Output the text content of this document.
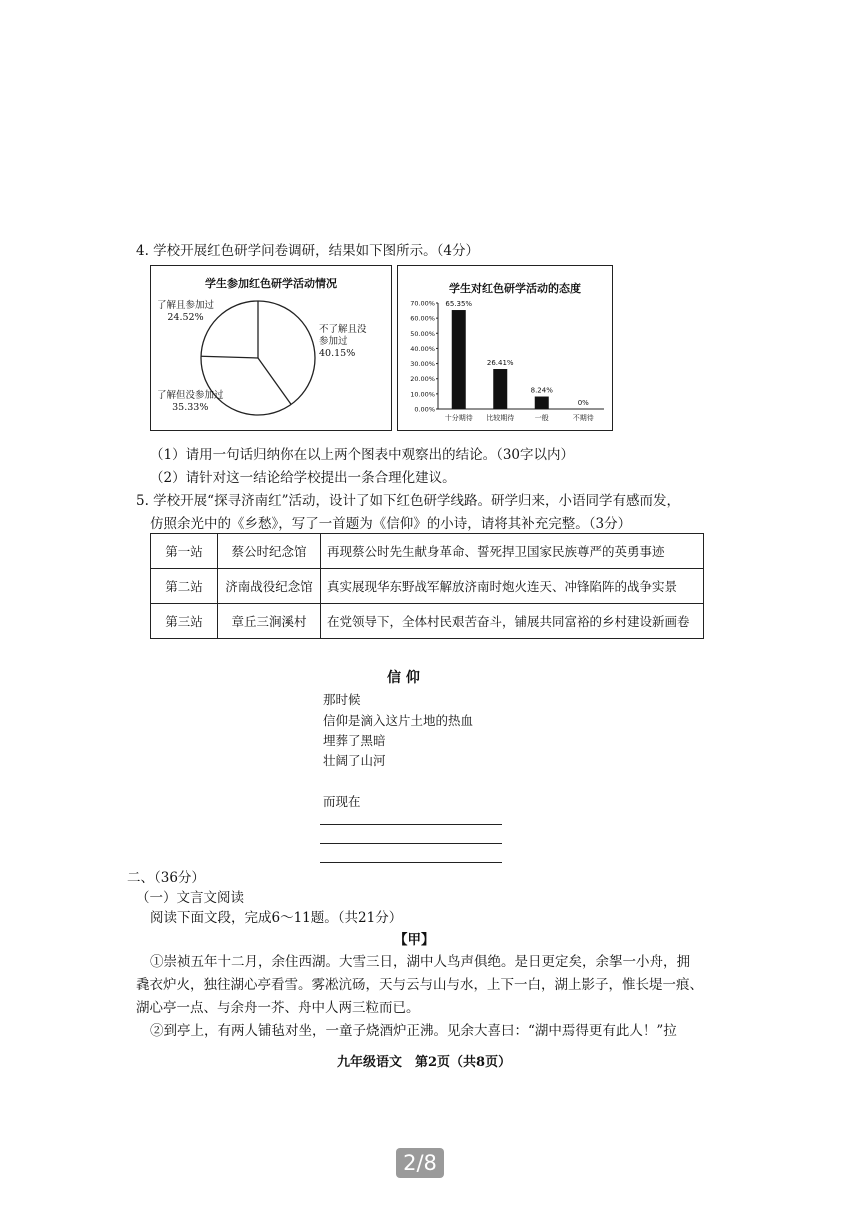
4. 学校开展红色研学问卷调研，结果如下图所示。（4分）
学生参加红色研学活动情况
不了解且没
参加过
40.15%
了解但没参加过
35.33%
了解且参加过
24.52%
学生对红色研学活动的态度
0.00%
10.00%
20.00%
30.00%
40.00%
50.00%
60.00%
70.00% 65.35%
十分期待
26.41%
比较期待
8.24%
一般
0%
不期待
（1）请用一句话归纳你在以上两个图表中观察出的结论。（30字以内）
（2）请针对这一结论给学校提出一条合理化建议。
5. 学校开展“探寻济南红”活动，设计了如下红色研学线路。研学归来，小语同学有感而发，
仿照余光中的《乡愁》，写了一首题为《信仰》的小诗，请将其补充完整。（3分）
第一站	蔡公时纪念馆	再现蔡公时先生献身革命、誓死捍卫国家民族尊严的英勇事迹
第二站	济南战役纪念馆	真实展现华东野战军解放济南时炮火连天、冲锋陷阵的战争实景
第三站	章丘三涧溪村	在党领导下，全体村民艰苦奋斗，铺展共同富裕的乡村建设新画卷
信 仰
那时候
信仰是滴入这片土地的热血
埋葬了黑暗
壮阔了山河
而现在
二、（36分）
（一）文言文阅读
阅读下面文段，完成6～11题。（共21分）
【甲】
①崇祯五年十二月，余住西湖。大雪三日，湖中人鸟声俱绝。是日更定矣，余挐一小舟，拥
毳衣炉火，独往湖心亭看雪。雾凇沆砀，天与云与山与水，上下一白，湖上影子，惟长堤一痕、
湖心亭一点、与余舟一芥、舟中人两三粒而已。
②到亭上，有两人铺毡对坐，一童子烧酒炉正沸。见余大喜曰：“湖中焉得更有此人！”拉
九年级语文　第2页（共8页）
2/8
